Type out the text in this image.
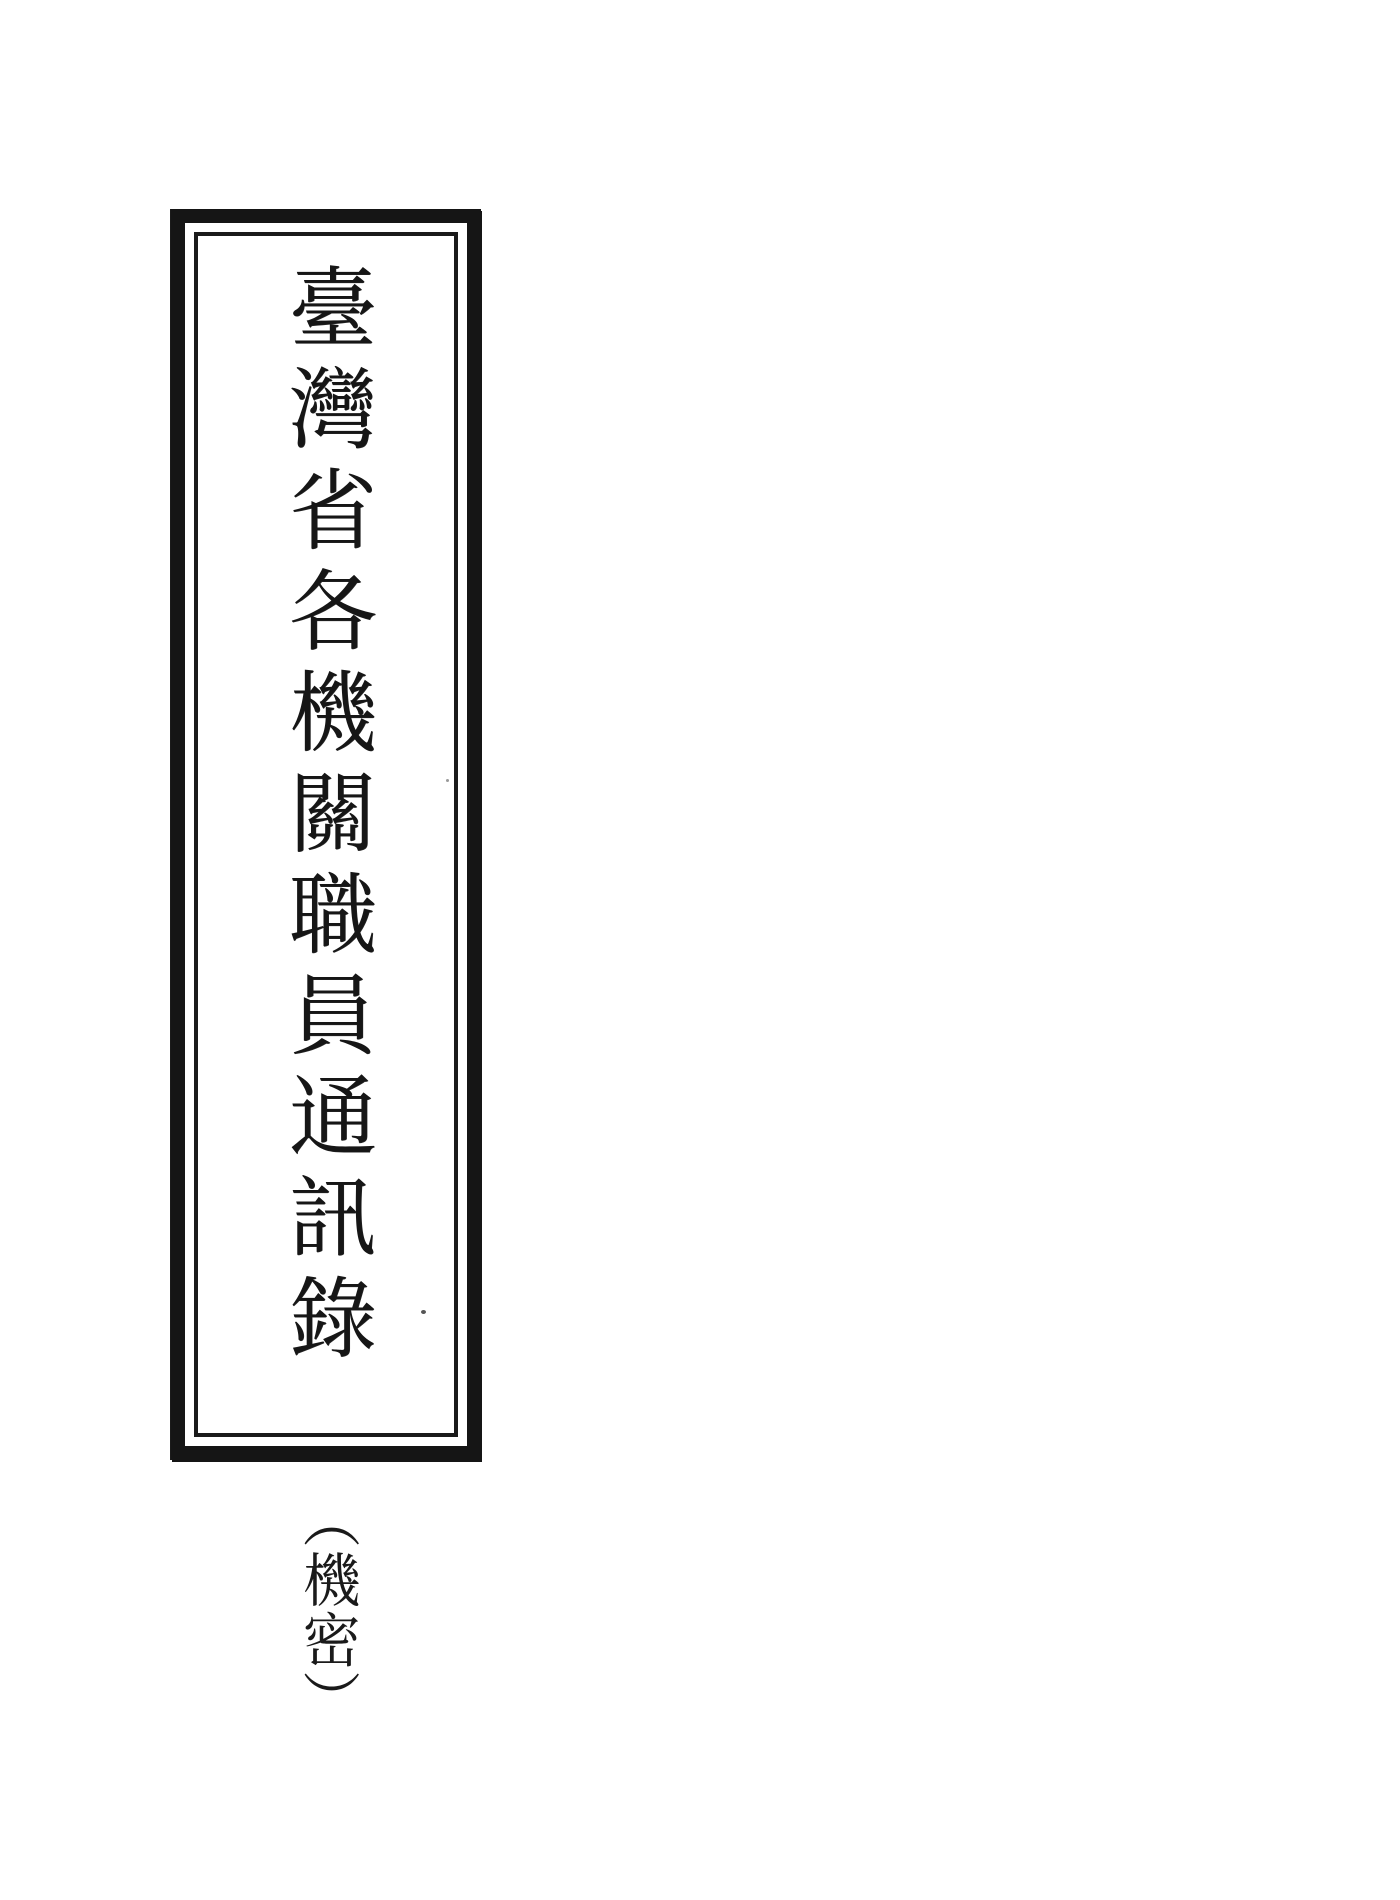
臺灣省各機關職員通訊錄
（機密）
